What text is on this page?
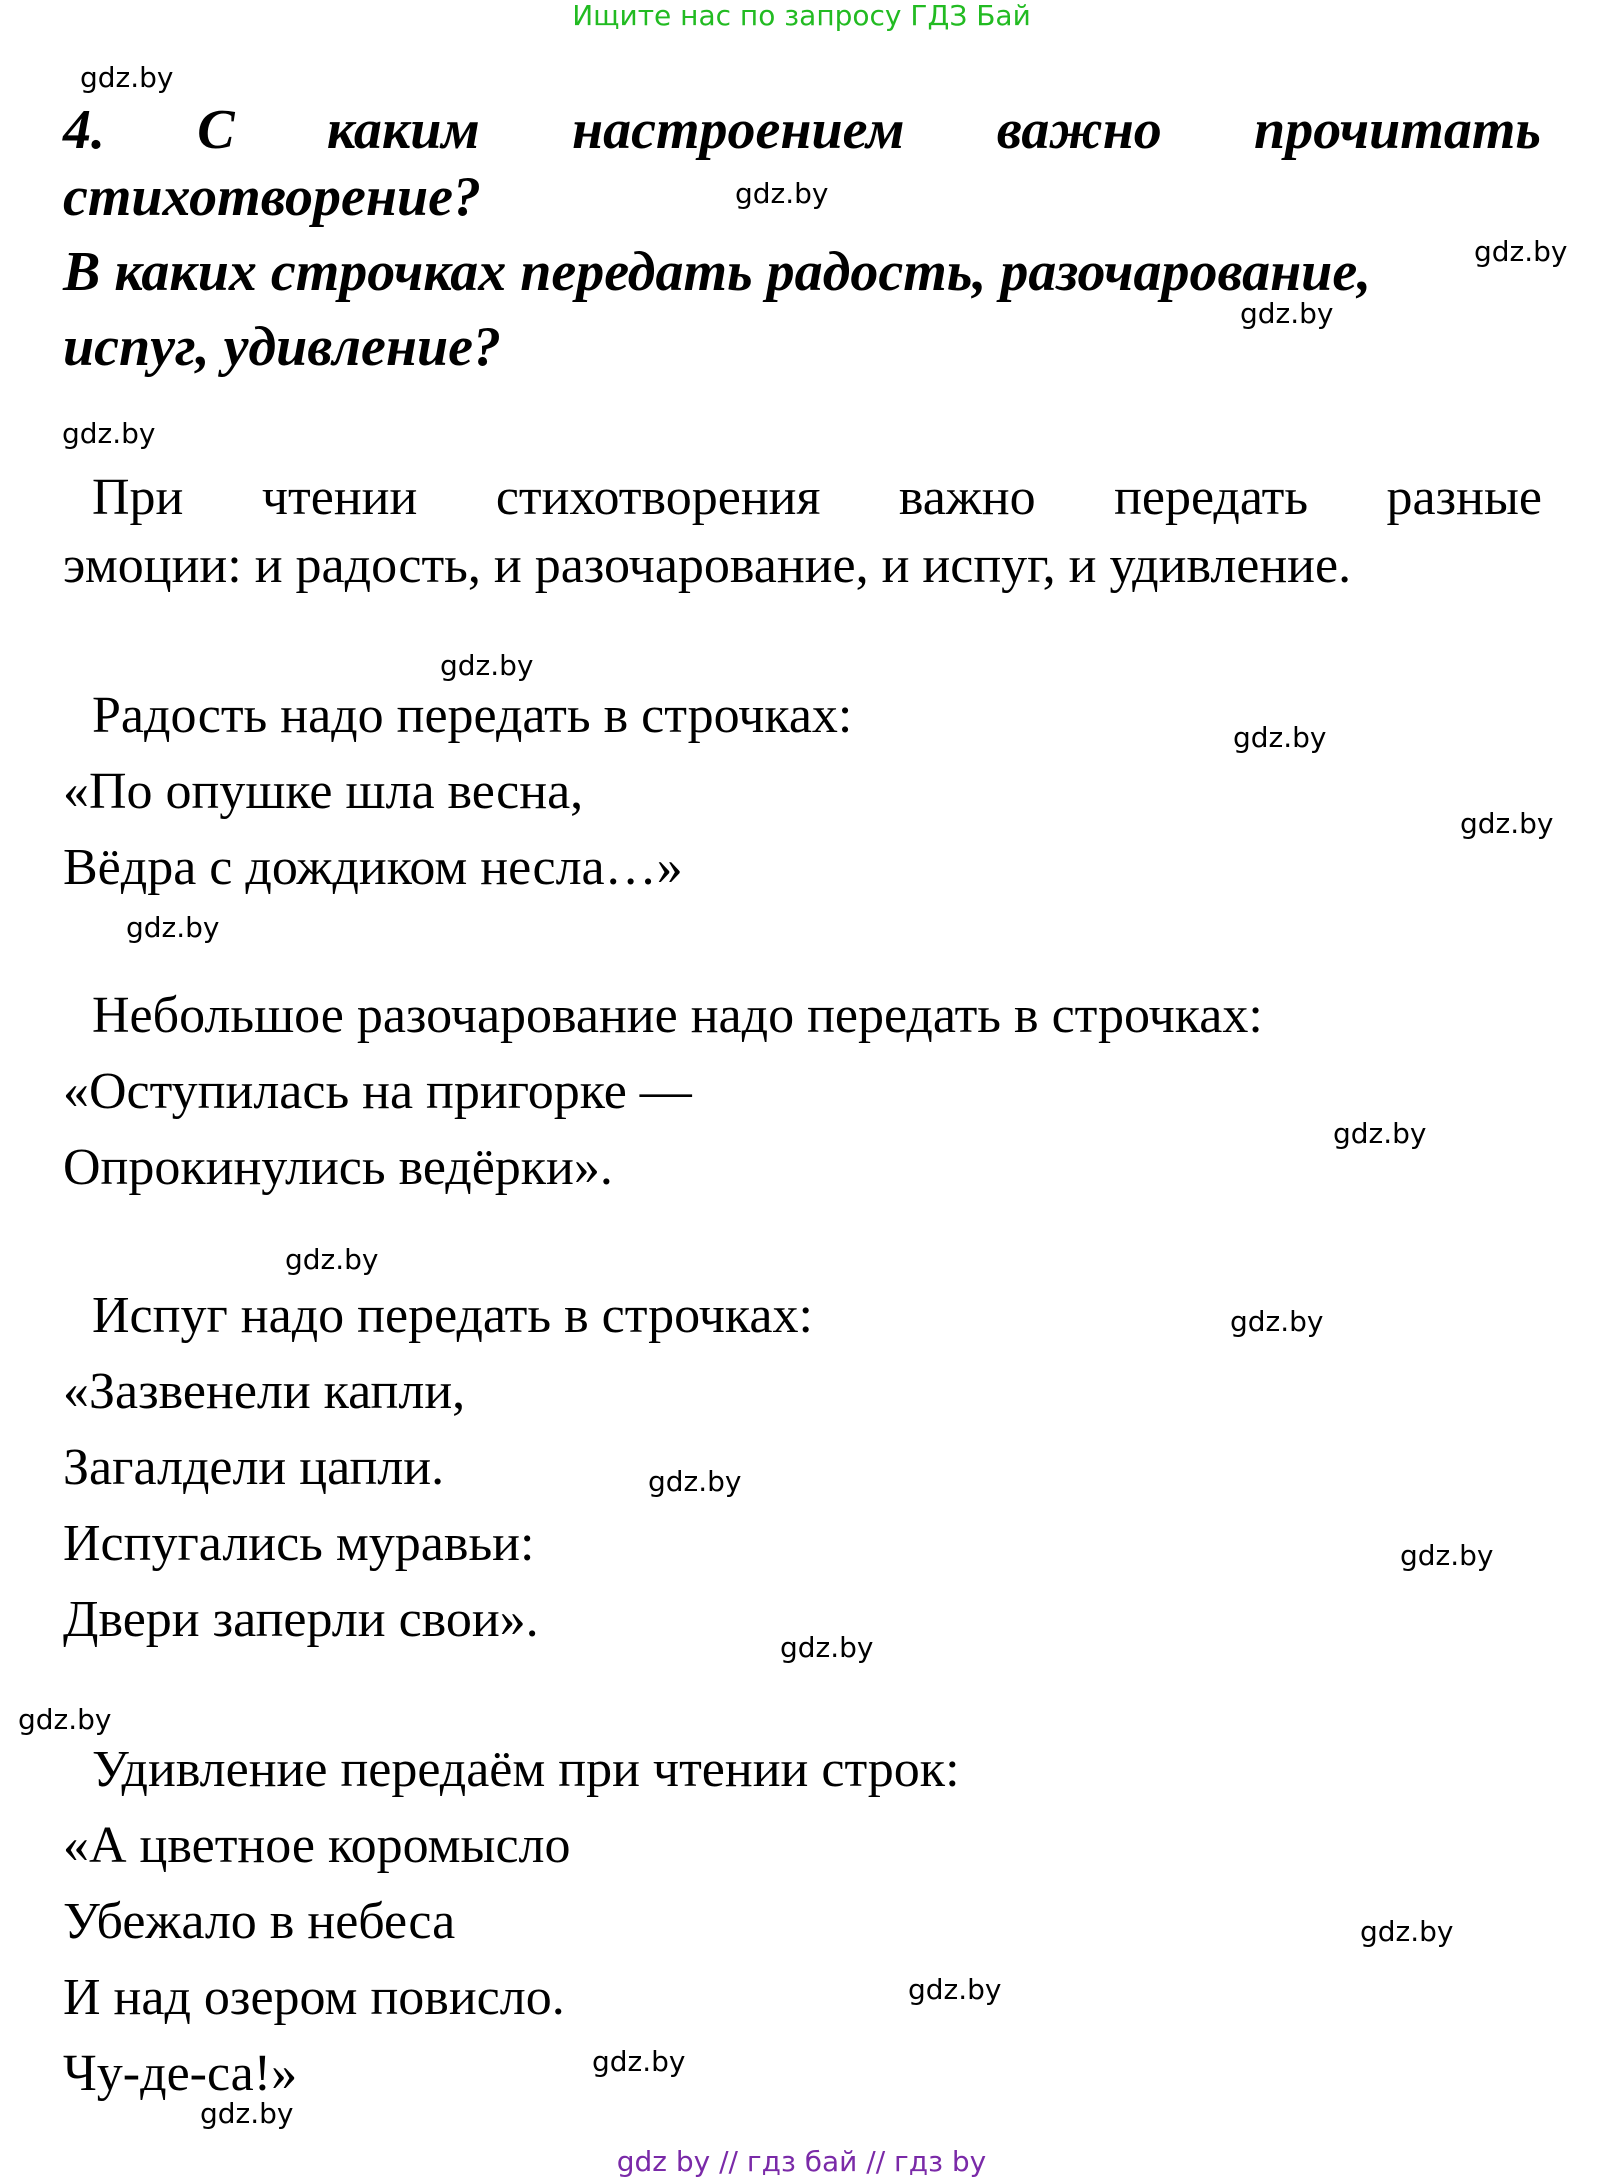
Ищите нас по запросу ГДЗ Бай
gdz.by
gdz.by
gdz.by
gdz.by
gdz.by
gdz.by
gdz.by
gdz.by
gdz.by
gdz.by
gdz.by
gdz.by
gdz.by
gdz.by
gdz.by
gdz.by
gdz.by
gdz.by
gdz.by
gdz.by
4. С каким настроением важно прочитать
стихотворение?
В каких строчках передать радость, разочарование,
испуг, удивление?
При чтении стихотворения важно передать разные
эмоции: и радость, и разочарование, и испуг, и удивление.
Радость надо передать в строчках:
«По опушке шла весна,
Вёдра с дождиком несла…»
Небольшое разочарование надо передать в строчках:
«Оступилась на пригорке —
Опрокинулись ведёрки».
Испуг надо передать в строчках:
«Зазвенели капли,
Загалдели цапли.
Испугались муравьи:
Двери заперли свои».
Удивление передаём при чтении строк:
«А цветное коромысло
Убежало в небеса
И над озером повисло.
Чу-де-са!»
gdz by // гдз бай // гдз by
